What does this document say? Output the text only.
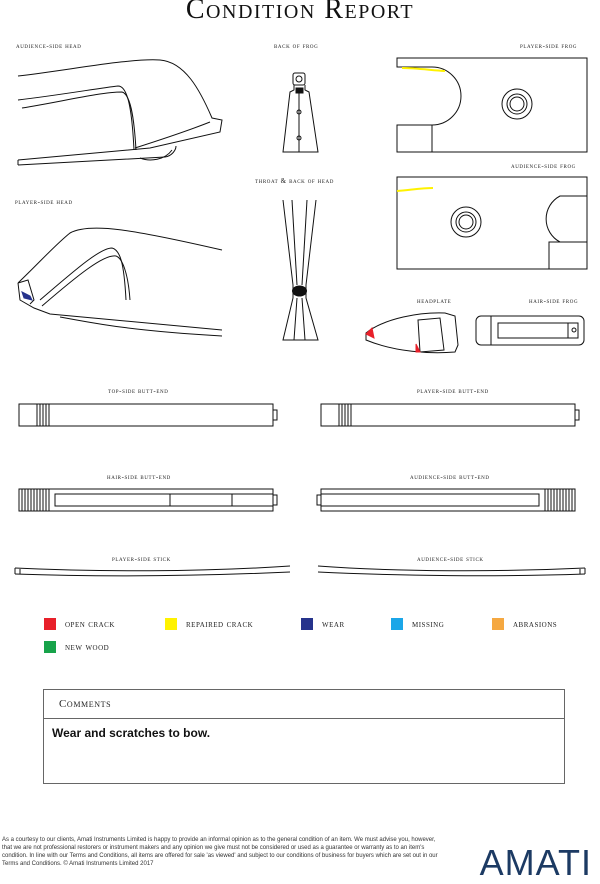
Condition Report
audience-side head	back of frog	player-side frog
throat & back of head
audience-side frog
player-side head
headplate	hair-side frog
top-side butt-end	player-side butt-end
hair-side butt-end	audience-side butt-end
player-side stick	audience-side stick
open crack	repaired crack	wear	missing	abrasions
new wood
Comments
Wear and scratches to bow.
As a courtesy to our clients, Amati Instruments Limited is happy to provide an informal opinion as to the general condition of an item. We must advise you, however, that we are not professional restorers or instrument makers and any opinion we give must not be considered or used as a guarantee or warranty as to an item's condition. In line with our Terms and Conditions, all items are offered for sale 'as viewed' and subject to our conditions of business for buyers which are set out in our Terms and Conditions. © Amati Instruments Limited 2017	AMATI
